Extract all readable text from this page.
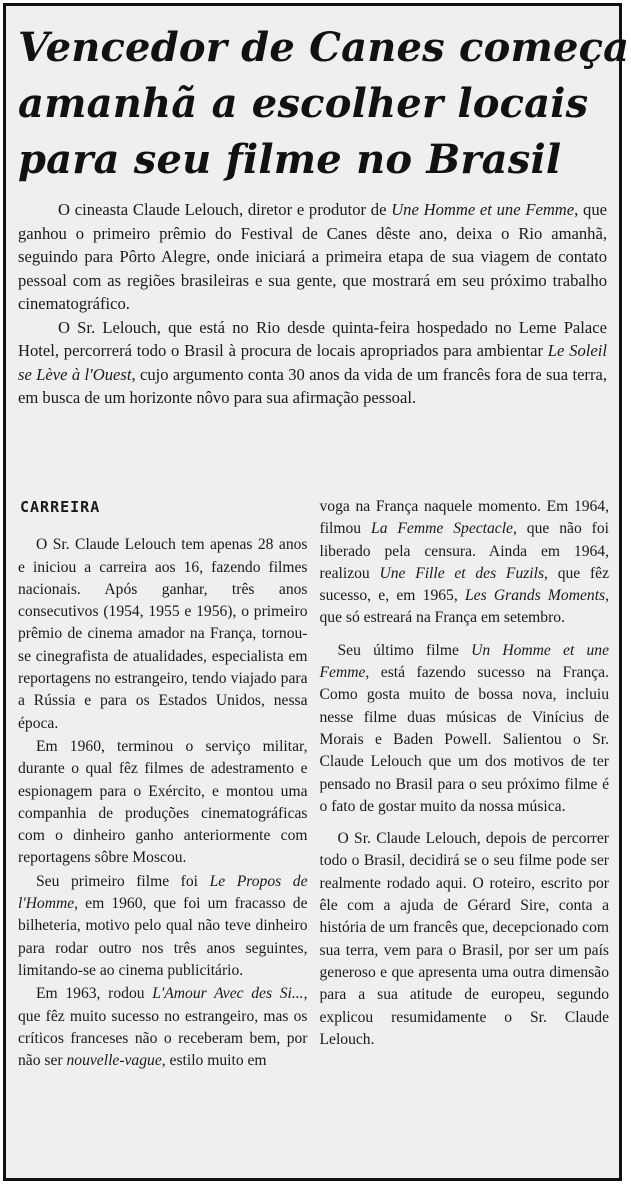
Vencedor de Canes começa
amanhã a escolher locais
para seu filme no Brasil

O cineasta Claude Lelouch, diretor e produtor de Une Homme et une Femme, que ganhou o primeiro prêmio do Festival de Canes dêste ano, deixa o Rio amanhã, seguindo para Pôrto Alegre, onde iniciará a primeira etapa de sua viagem de contato pessoal com as regiões brasileiras e sua gente, que mostrará em seu próximo trabalho cinematográfico.

O Sr. Lelouch, que está no Rio desde quinta-feira hospedado no Leme Palace Hotel, percorrerá todo o Brasil à procura de locais apropriados para ambientar Le Soleil se Lève à l'Ouest, cujo argumento conta 30 anos da vida de um francês fora de sua terra, em busca de um horizonte nôvo para sua afirmação pessoal.

CARREIRA

O Sr. Claude Lelouch tem apenas 28 anos e iniciou a carreira aos 16, fazendo filmes nacionais. Após ganhar, três anos consecutivos (1954, 1955 e 1956), o primeiro prêmio de cinema amador na França, tornou-se cinegrafista de atualidades, especialista em reportagens no estrangeiro, tendo viajado para a Rússia e para os Estados Unidos, nessa época.

Em 1960, terminou o serviço militar, durante o qual fêz filmes de adestramento e espionagem para o Exército, e montou uma companhia de produções cinematográficas com o dinheiro ganho anteriormente com reportagens sôbre Moscou.

Seu primeiro filme foi Le Propos de l'Homme, em 1960, que foi um fracasso de bilheteria, motivo pelo qual não teve dinheiro para rodar outro nos três anos seguintes, limitando-se ao cinema publicitário.

Em 1963, rodou L'Amour Avec des Si..., que fêz muito sucesso no estrangeiro, mas os críticos franceses não o receberam bem, por não ser nouvelle-vague, estilo muito em

voga na França naquele momento. Em 1964, filmou La Femme Spectacle, que não foi liberado pela censura. Ainda em 1964, realizou Une Fille et des Fuzils, que fêz sucesso, e, em 1965, Les Grands Moments, que só estreará na França em setembro.

Seu último filme Un Homme et une Femme, está fazendo sucesso na França. Como gosta muito de bossa nova, incluiu nesse filme duas músicas de Vinícius de Morais e Baden Powell. Salientou o Sr. Claude Lelouch que um dos motivos de ter pensado no Brasil para o seu próximo filme é o fato de gostar muito da nossa música.

O Sr. Claude Lelouch, depois de percorrer todo o Brasil, decidirá se o seu filme pode ser realmente rodado aqui. O roteiro, escrito por êle com a ajuda de Gérard Sire, conta a história de um francês que, decepcionado com sua terra, vem para o Brasil, por ser um país generoso e que apresenta uma outra dimensão para a sua atitude de europeu, segundo explicou resumidamente o Sr. Claude Lelouch.
